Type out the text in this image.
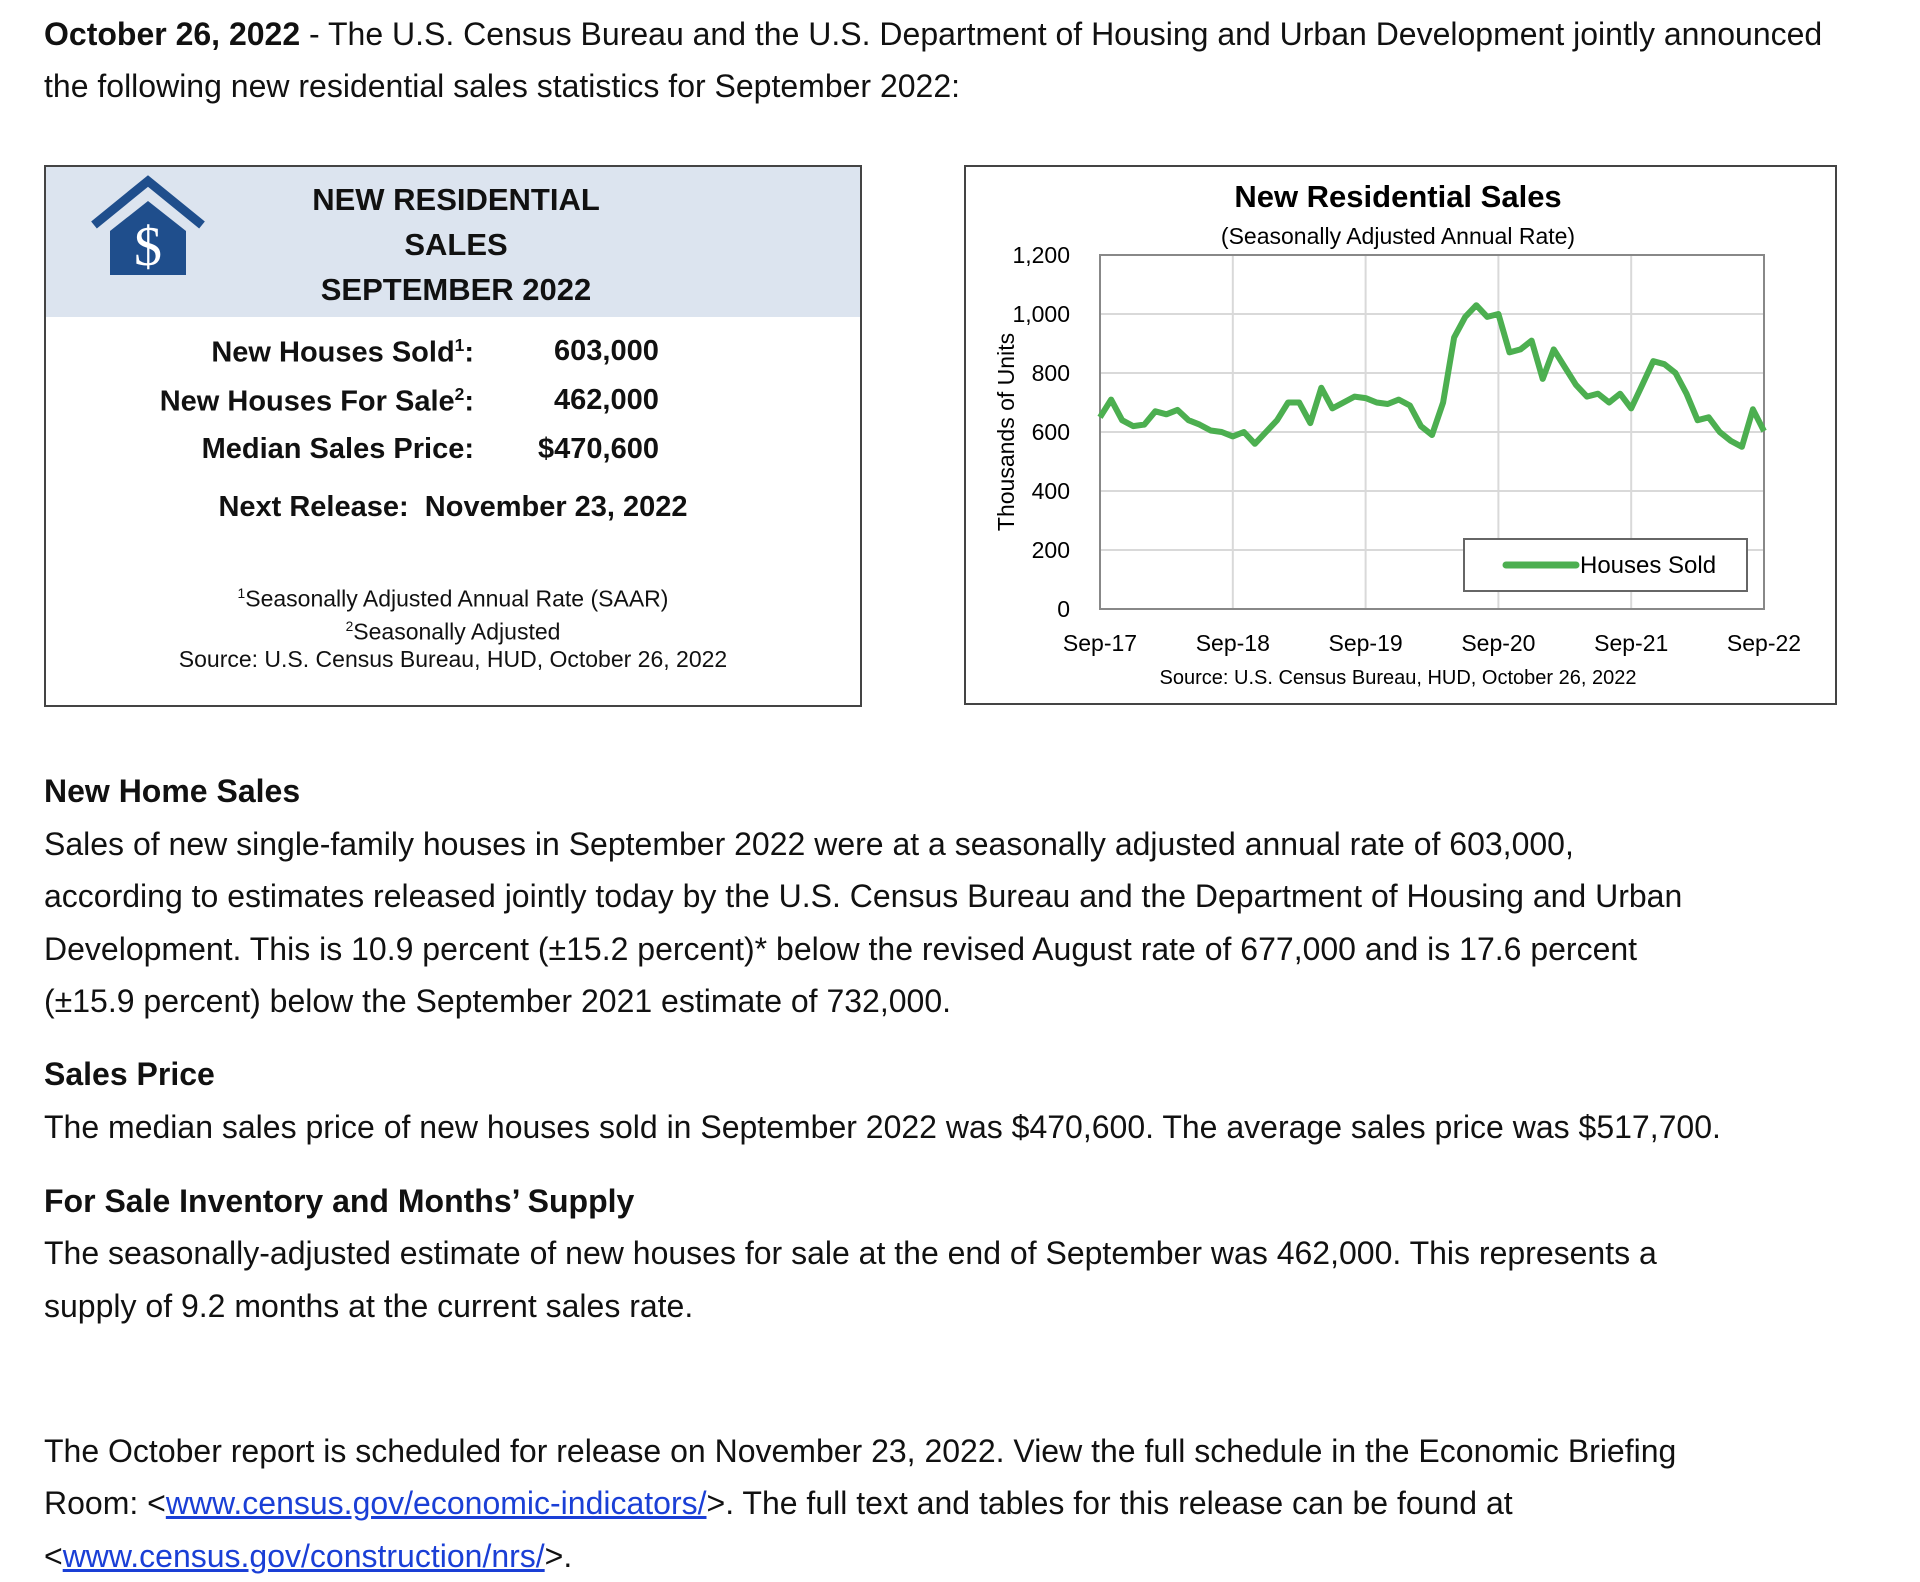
October 26, 2022 - The U.S. Census Bureau and the U.S. Department of Housing and Urban Development jointly announced the following new residential sales statistics for September 2022:
$
NEW RESIDENTIAL
SALES
SEPTEMBER 2022
New Houses Sold$^1$:	603,000
New Houses For Sale$^2$:	462,000
Median Sales Price: $470,600
Next Release: November 23, 2022
$^1$Seasonally Adjusted Annual Rate (SAAR)
$^2$Seasonally Adjusted
Source: U.S. Census Bureau, HUD, October 26, 2022
New Residential Sales
(Seasonally Adjusted Annual Rate)
Thousands of Units
Source: U.S. Census Bureau, HUD, October 26, 2022
0
200
400
600
800
1,000
1,200
Sep-17	Sep-18	Sep-19	Sep-20	Sep-21	Sep-22
Houses Sold
New Home Sales
Sales of new single-family houses in September 2022 were at a seasonally adjusted annual rate of 603,000,
according to estimates released jointly today by the U.S. Census Bureau and the Department of Housing and Urban
Development. This is 10.9 percent (±15.2 percent)* below the revised August rate of 677,000 and is 17.6 percent
(±15.9 percent) below the September 2021 estimate of 732,000.
Sales Price
The median sales price of new houses sold in September 2022 was $470,600. The average sales price was $517,700.
For Sale Inventory and Months’ Supply
The seasonally-adjusted estimate of new houses for sale at the end of September was 462,000. This represents a
supply of 9.2 months at the current sales rate.
The October report is scheduled for release on November 23, 2022. View the full schedule in the Economic Briefing
Room: <www.census.gov/economic-indicators/>. The full text and tables for this release can be found at
<www.census.gov/construction/nrs/>.
